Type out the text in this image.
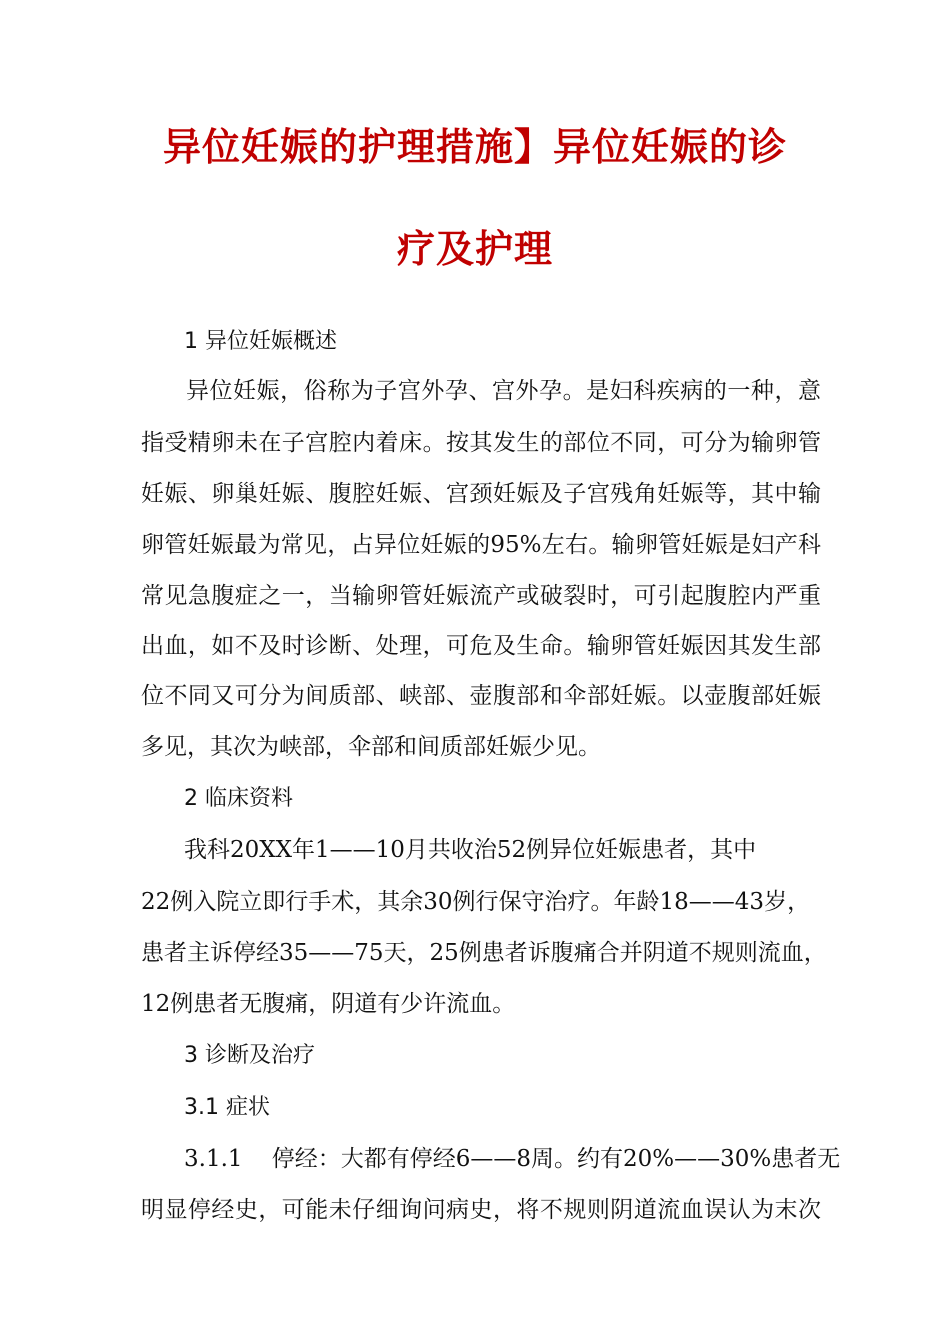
异位妊娠的护理措施】异位妊娠的诊
疗及护理
1 异位妊娠概述
异位妊娠，俗称为子宫外孕、宫外孕。是妇科疾病的一种，意
指受精卵未在子宫腔内着床。按其发生的部位不同，可分为输卵管
妊娠、卵巢妊娠、腹腔妊娠、宫颈妊娠及子宫残角妊娠等，其中输
卵管妊娠最为常见，占异位妊娠的95%左右。输卵管妊娠是妇产科
常见急腹症之一，当输卵管妊娠流产或破裂时，可引起腹腔内严重
出血，如不及时诊断、处理，可危及生命。输卵管妊娠因其发生部
位不同又可分为间质部、峡部、壶腹部和伞部妊娠。以壶腹部妊娠
多见，其次为峡部，伞部和间质部妊娠少见。
2 临床资料
我科20XX年1——10月共收治52例异位妊娠患者，其中
22例入院立即行手术，其余30例行保守治疗。年龄18——43岁，
患者主诉停经35——75天，25例患者诉腹痛合并阴道不规则流血，
12例患者无腹痛，阴道有少许流血。
3 诊断及治疗
3.1 症状
3.1.1    停经：大都有停经6——8周。约有20%——30%患者无
明显停经史，可能未仔细询问病史，将不规则阴道流血误认为末次
